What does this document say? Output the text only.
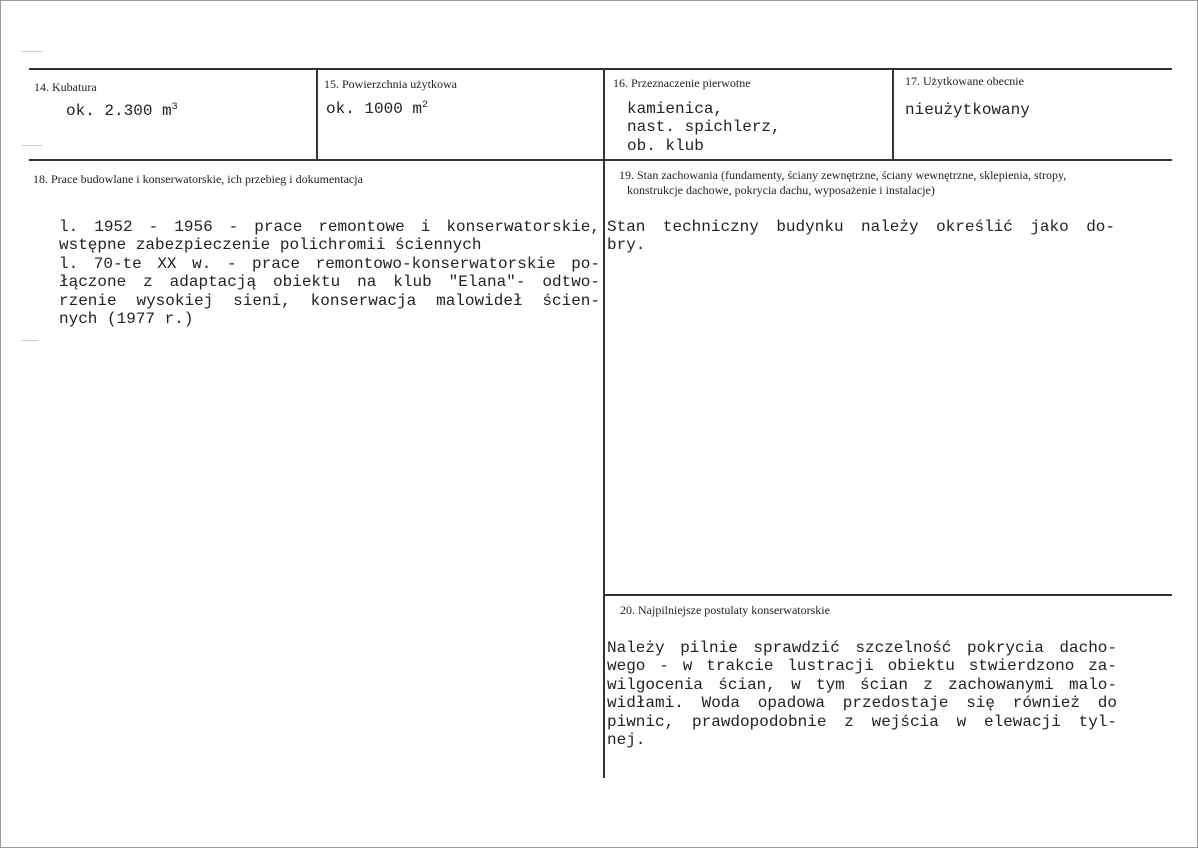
14. Kubatura
ok. 2.300 $m^3$
15. Powierzchnia użytkowa
ok. 1000 $m^2$
16. Przeznaczenie pierwotne
kamienica,
nast. spichlerz,
ob. klub
17. Użytkowane obecnie
nieużytkowany
18. Prace budowlane i konserwatorskie, ich przebieg i dokumentacja
l. 1952 - 1956 - prace remontowe i konserwatorskie,
wstępne zabezpieczenie polichromii ściennych
l. 70-te XX w. - prace remontowo-konserwatorskie po-
łączone z adaptacją obiektu na klub "Elana"- odtwo-
rzenie wysokiej sieni, konserwacja malowideł ścien-
nych (1977 r.)
19. Stan zachowania (fundamenty, ściany zewnętrzne, ściany wewnętrzne, sklepienia, stropy,
konstrukcje dachowe, pokrycia dachu, wyposażenie i instalacje)
Stan techniczny budynku należy określić jako do-
bry.
20. Najpilniejsze postulaty konserwatorskie
Należy pilnie sprawdzić szczelność pokrycia dacho-
wego - w trakcie lustracji obiektu stwierdzono za-
wilgocenia ścian, w tym ścian z zachowanymi malo-
widłami. Woda opadowa przedostaje się również do
piwnic, prawdopodobnie z wejścia w elewacji tyl-
nej.
